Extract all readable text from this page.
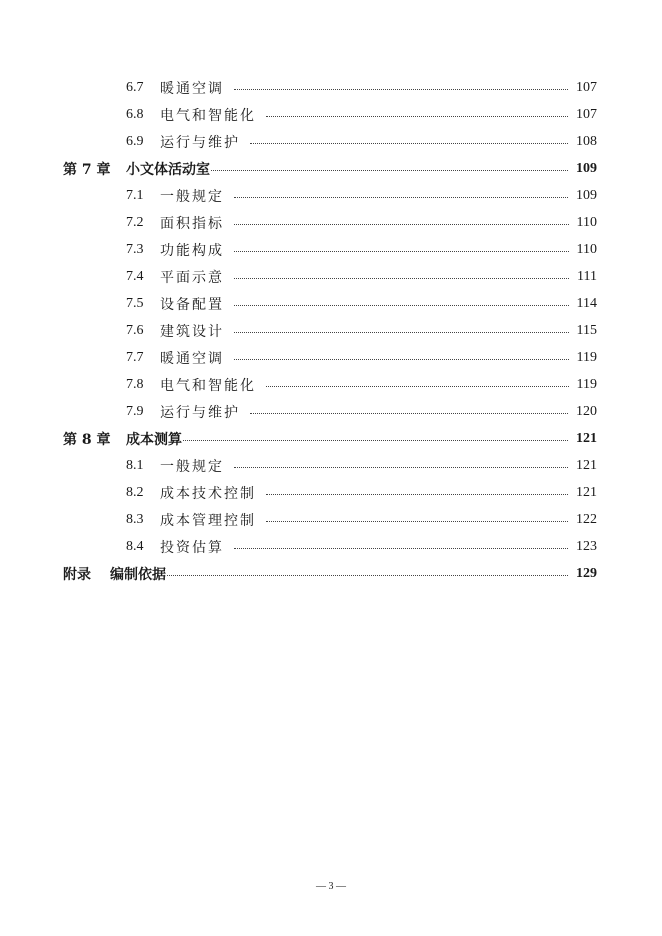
6.7 暖通空调	107
6.8 电气和智能化	107
6.9 运行与维护	108
第 7 章 小文体活动室	109
7.1 一般规定	109
7.2 面积指标	110
7.3 功能构成	110
7.4 平面示意	111
7.5 设备配置	114
7.6 建筑设计	115
7.7 暖通空调	119
7.8 电气和智能化	119
7.9 运行与维护	120
第 8 章 成本测算	121
8.1 一般规定	121
8.2 成本技术控制	121
8.3 成本管理控制	122
8.4 投资估算	123
附录 编制依据	129
— 3 —
